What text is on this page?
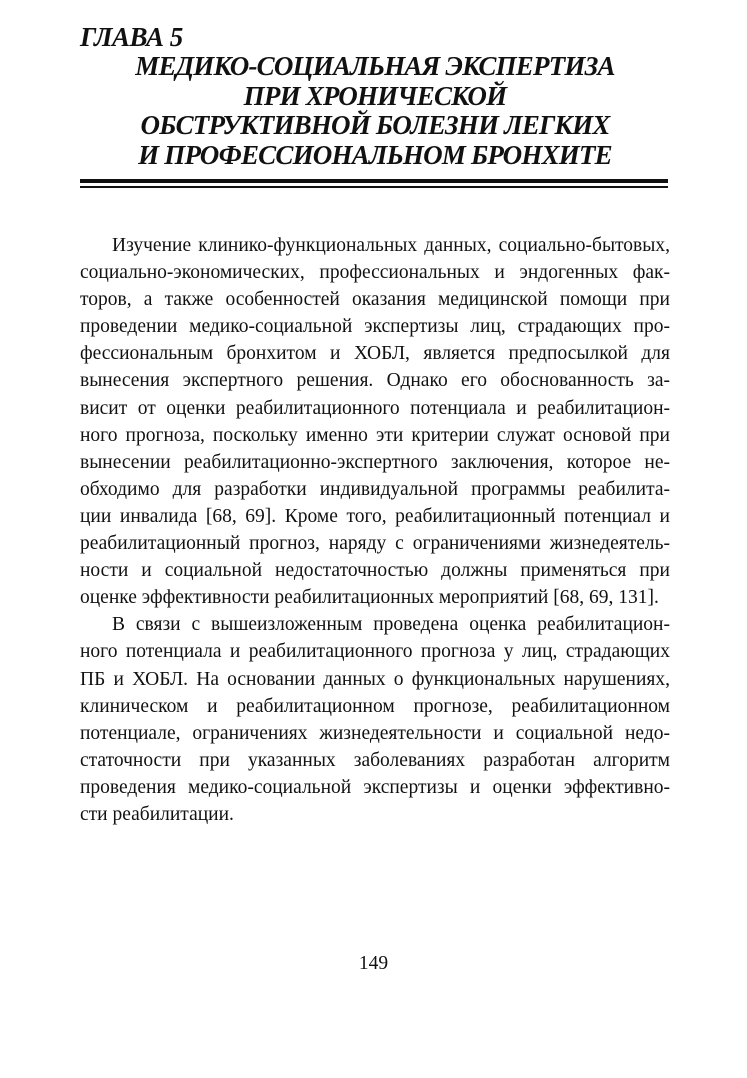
ГЛАВА 5
МЕДИКО-СОЦИАЛЬНАЯ ЭКСПЕРТИЗА
ПРИ ХРОНИЧЕСКОЙ
ОБСТРУКТИВНОЙ БОЛЕЗНИ ЛЕГКИХ
И ПРОФЕССИОНАЛЬНОМ БРОНХИТЕ
Изучение клинико-функциональных данных, социально-бытовых,
социально-экономических, профессиональных и эндогенных фак-
торов, а также особенностей оказания медицинской помощи при
проведении медико-социальной экспертизы лиц, страдающих про-
фессиональным бронхитом и ХОБЛ, является предпосылкой для
вынесения экспертного решения. Однако его обоснованность за-
висит от оценки реабилитационного потенциала и реабилитацион-
ного прогноза, поскольку именно эти критерии служат основой при
вынесении реабилитационно-экспертного заключения, которое не-
обходимо для разработки индивидуальной программы реабилита-
ции инвалида [68, 69]. Кроме того, реабилитационный потенциал и
реабилитационный прогноз, наряду с ограничениями жизнедеятель-
ности и социальной недостаточностью должны применяться при
оценке эффективности реабилитационных мероприятий [68, 69, 131].
В связи с вышеизложенным проведена оценка реабилитацион-
ного потенциала и реабилитационного прогноза у лиц, страдающих
ПБ и ХОБЛ. На основании данных о функциональных нарушениях,
клиническом и реабилитационном прогнозе, реабилитационном
потенциале, ограничениях жизнедеятельности и социальной недо-
статочности при указанных заболеваниях разработан алгоритм
проведения медико-социальной экспертизы и оценки эффективно-
сти реабилитации.
149
